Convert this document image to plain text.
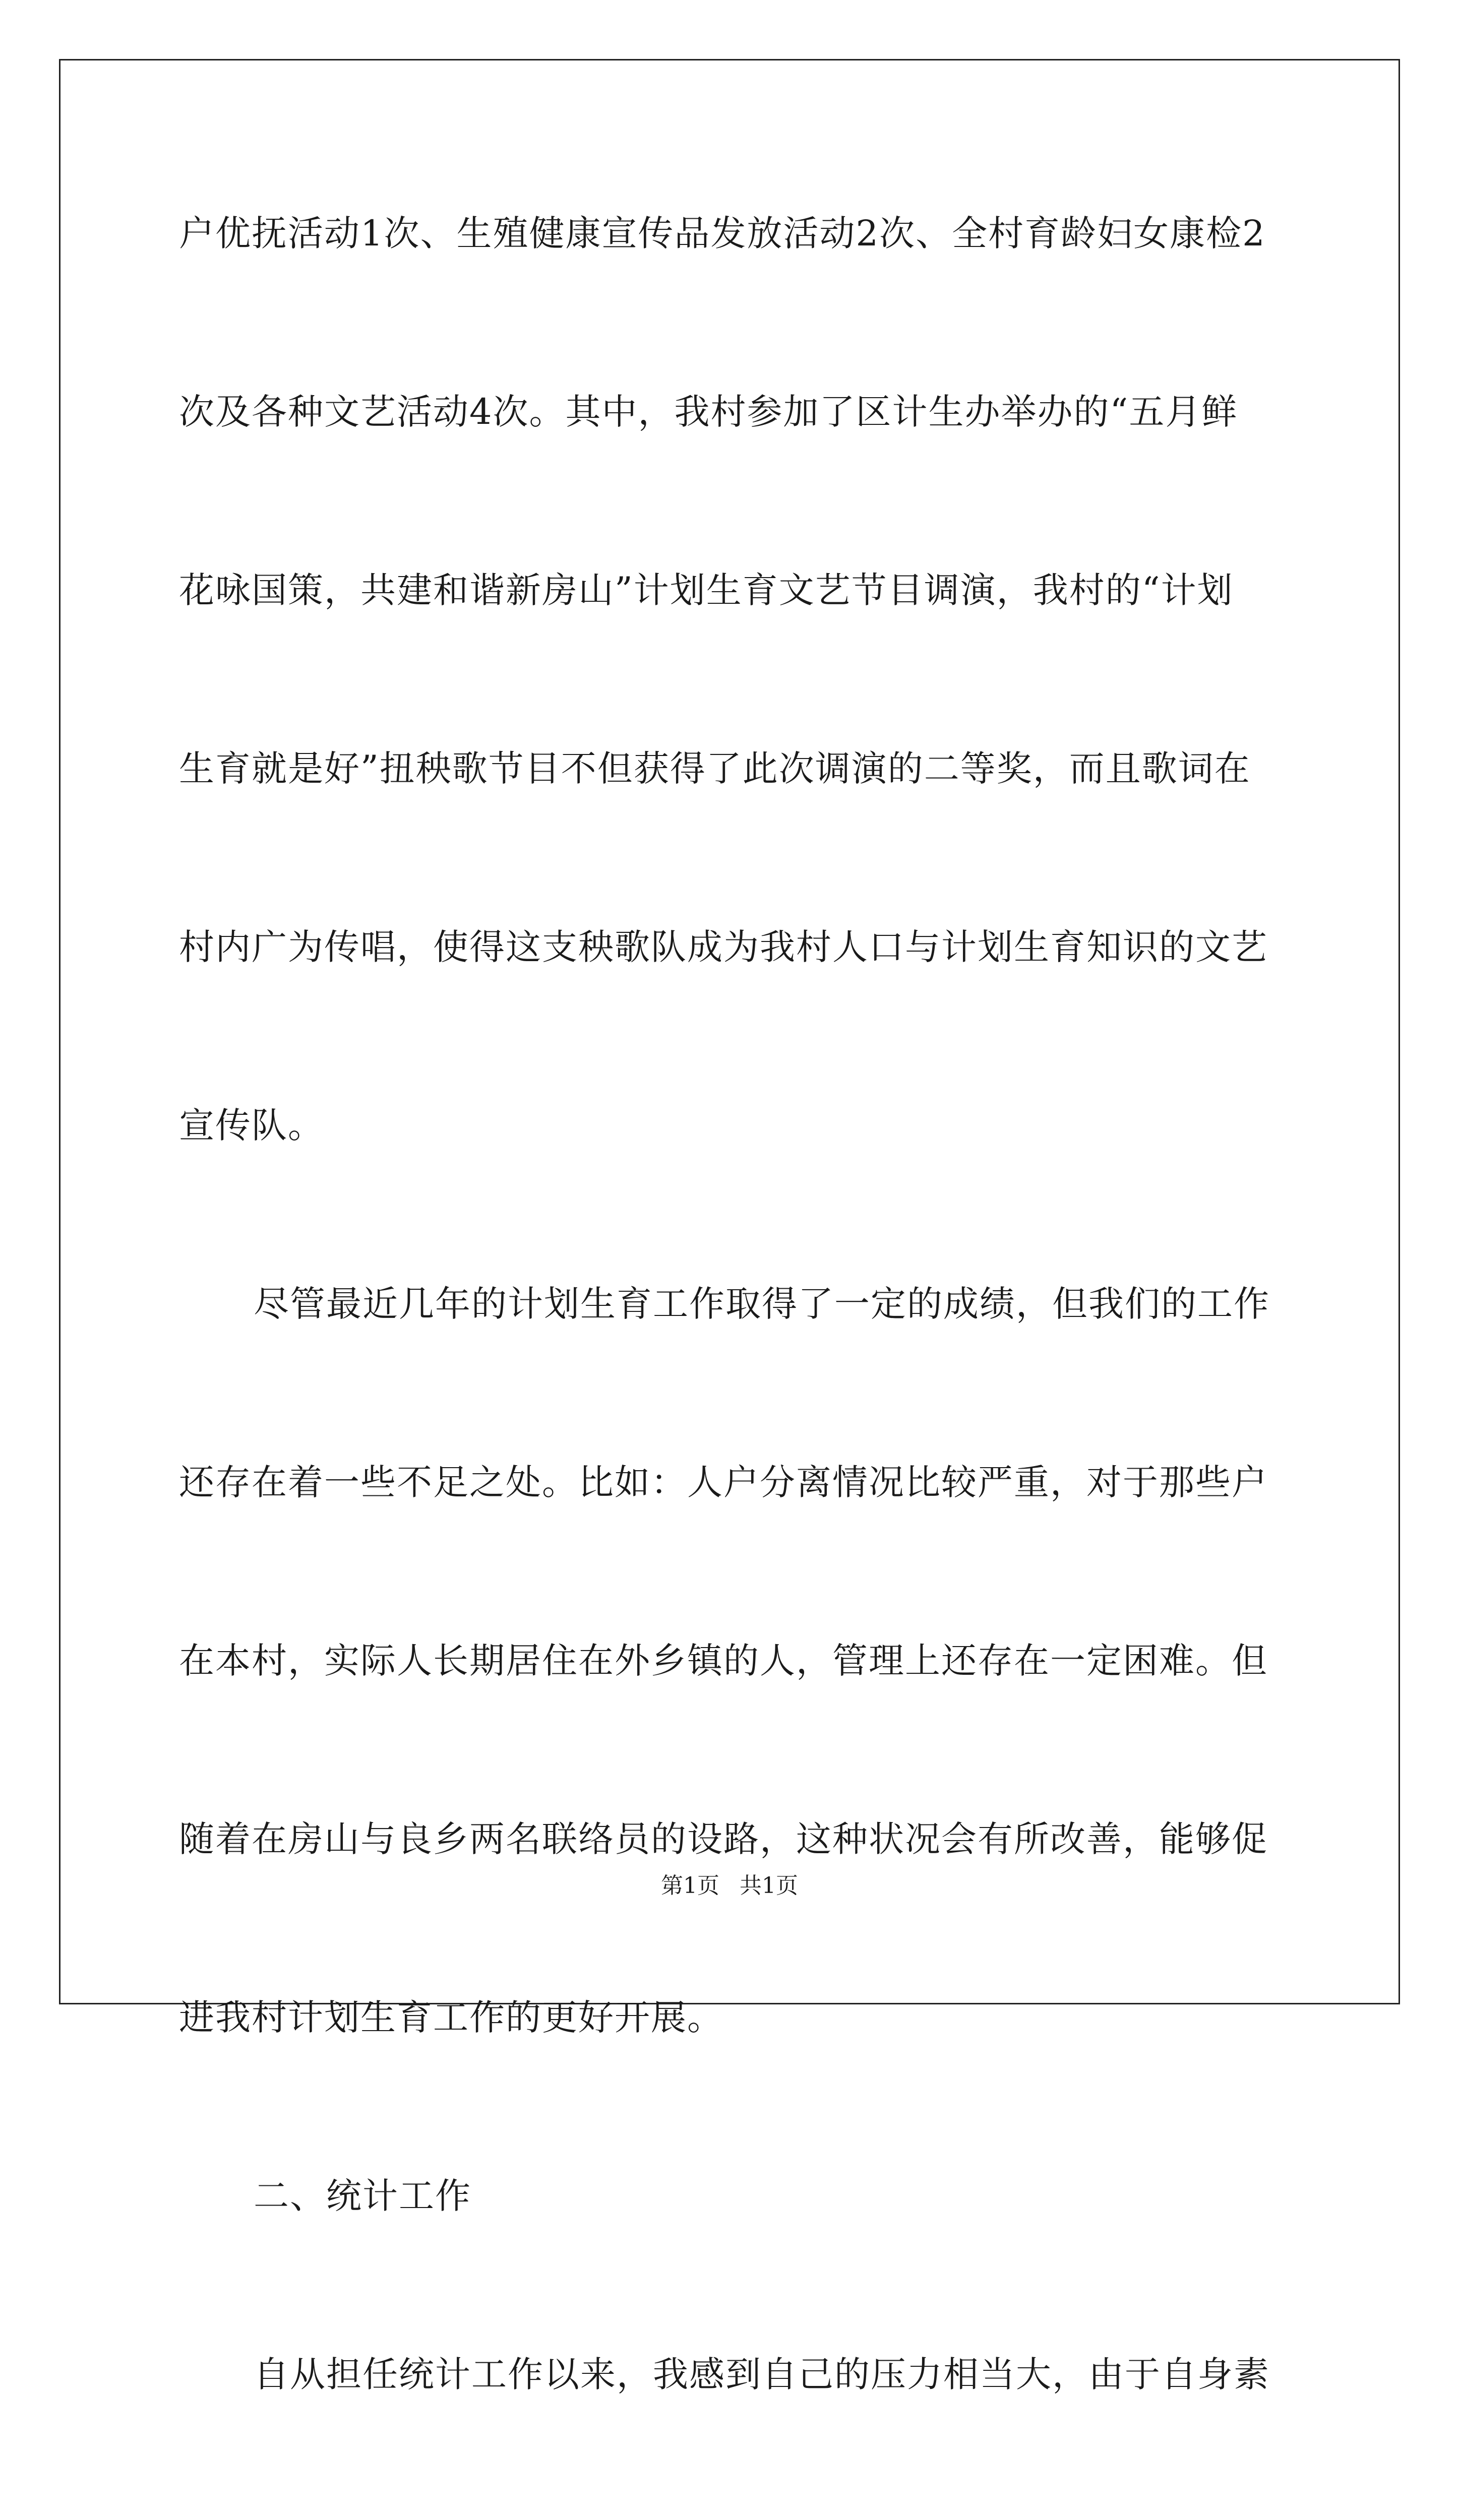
户优抚活动1次、生殖健康宣传品发放活动2次、全村育龄妇女康检2
次及各种文艺活动4次。其中，我村参加了区计生办举办的“五月鲜
花咏国策，共建和谐新房山”计划生育文艺节目调演，我村的“计划
生育就是好”扭秧歌节目不但获得了此次调演的二等奖，而且歌词在
村内广为传唱，使得这支秧歌队成为我村人口与计划生育知识的文艺
宣传队。
尽管最近几年的计划生育工作取得了一定的成绩，但我们的工作
还存在着一些不足之处。比如：人户分离情况比较严重，对于那些户
在本村，实际人长期居住在外乡镇的人，管理上还存在一定困难。但
随着在房山与良乡两名联络员的设路，这种状况会有所改善，能够促
进我村计划生育工作的更好开展。
二、统计工作
自从担任统计工作以来，我感到自己的压力相当大，由于自身素
第1页 共1页
